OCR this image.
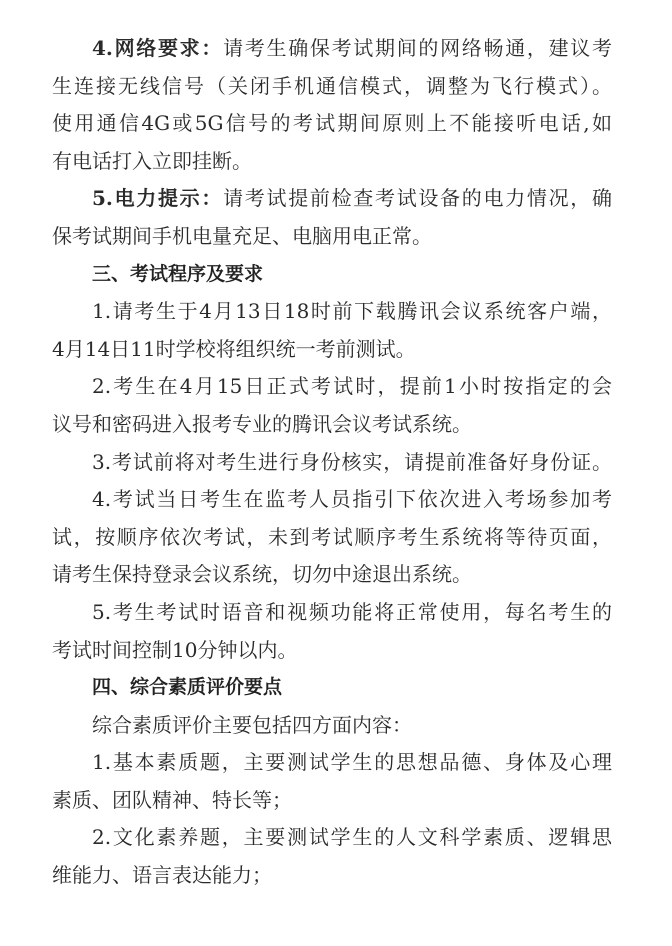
4.网络要求：请考生确保考试期间的网络畅通，建议考
生连接无线信号（关闭手机通信模式，调整为飞行模式）。
使用通信4G或5G信号的考试期间原则上不能接听电话,如
有电话打入立即挂断。
5.电力提示：请考试提前检查考试设备的电力情况，确
保考试期间手机电量充足、电脑用电正常。
三、考试程序及要求
1.请考生于4月13日18时前下载腾讯会议系统客户端，
4月14日11时学校将组织统一考前测试。
2.考生在4月15日正式考试时，提前1小时按指定的会
议号和密码进入报考专业的腾讯会议考试系统。
3.考试前将对考生进行身份核实，请提前准备好身份证。
4.考试当日考生在监考人员指引下依次进入考场参加考
试，按顺序依次考试，未到考试顺序考生系统将等待页面，
请考生保持登录会议系统，切勿中途退出系统。
5.考生考试时语音和视频功能将正常使用，每名考生的
考试时间控制10分钟以内。
四、综合素质评价要点
综合素质评价主要包括四方面内容：
1.基本素质题，主要测试学生的思想品德、身体及心理
素质、团队精神、特长等；
2.文化素养题，主要测试学生的人文科学素质、逻辑思
维能力、语言表达能力；
